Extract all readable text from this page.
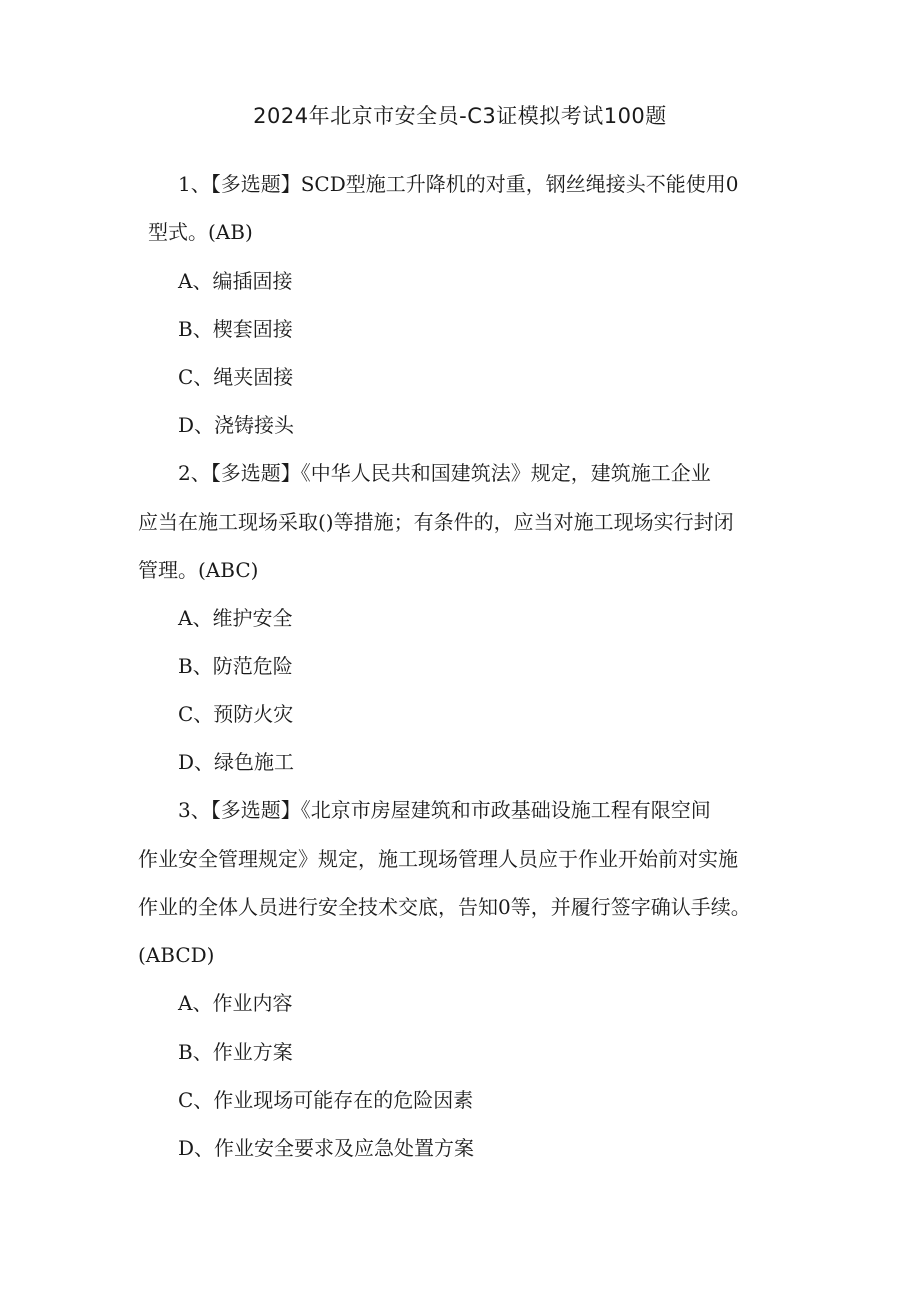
2024年北京市安全员-C3证模拟考试100题
1、【多选题】SCD型施工升降机的对重，钢丝绳接头不能使用0
型式。(AB)
A、编插固接
B、楔套固接
C、绳夹固接
D、浇铸接头
2、【多选题】《中华人民共和国建筑法》规定，建筑施工企业
应当在施工现场采取()等措施；有条件的，应当对施工现场实行封闭
管理。(ABC)
A、维护安全
B、防范危险
C、预防火灾
D、绿色施工
3、【多选题】《北京市房屋建筑和市政基础设施工程有限空间
作业安全管理规定》规定，施工现场管理人员应于作业开始前对实施
作业的全体人员进行安全技术交底，告知0等，并履行签字确认手续。
(ABCD)
A、作业内容
B、作业方案
C、作业现场可能存在的危险因素
D、作业安全要求及应急处置方案
